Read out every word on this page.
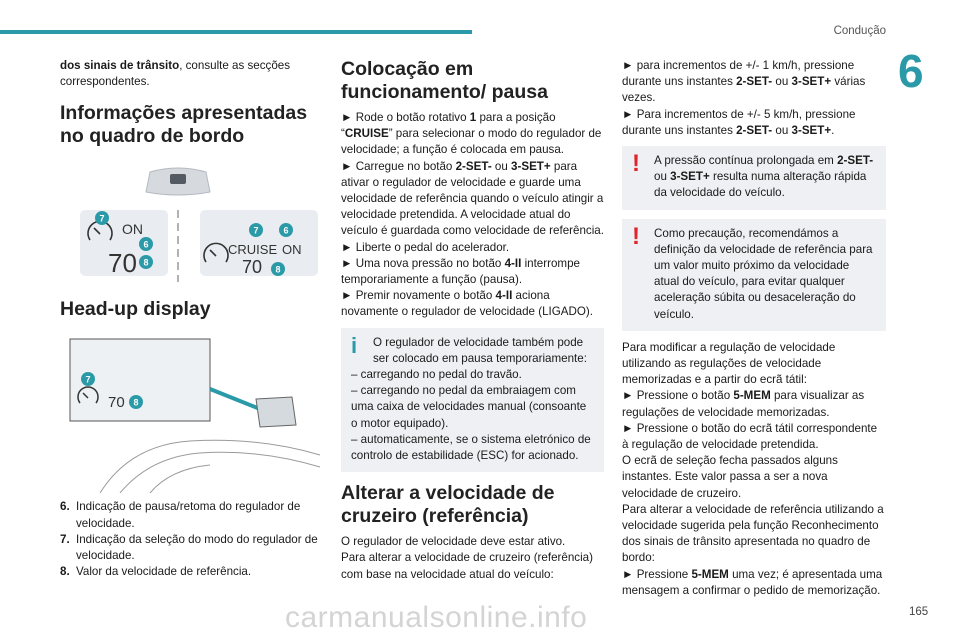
Condução
6

dos sinais de trânsito, consulte as secções correspondentes.

Informações apresentadas no quadro de bordo
ON
70	CRUISE ON
70
7
6
8
7	6
8
Head-up display
70
7
8
6. Indicação de pausa/retoma do regulador de velocidade.
7. Indicação da seleção do modo do regulador de velocidade.
8. Valor da velocidade de referência.
Colocação em funcionamento/ pausa

► Rode o botão rotativo 1 para a posição “CRUISE” para selecionar o modo do regulador de velocidade; a função é colocada em pausa.

► Carregue no botão 2-SET- ou 3-SET+ para ativar o regulador de velocidade e guarde uma velocidade de referência quando o veículo atingir a velocidade pretendida. A velocidade atual do veículo é guardada como velocidade de referência.

► Liberte o pedal do acelerador.

► Uma nova pressão no botão 4-II interrompe temporariamente a função (pausa).

► Premir novamente o botão 4-II aciona novamente o regulador de velocidade (LIGADO).

i	O regulador de velocidade também pode ser colocado em pausa temporariamente:

– carregando no pedal do travão.

– carregando no pedal da embraiagem com uma caixa de velocidades manual (consoante o motor equipado).

– automaticamente, se o sistema eletrónico de controlo de estabilidade (ESC) for acionado.

Alterar a velocidade de cruzeiro (referência)

O regulador de velocidade deve estar ativo.

Para alterar a velocidade de cruzeiro (referência) com base na velocidade atual do veículo:

► para incrementos de +/- 1 km/h, pressione durante uns instantes 2-SET- ou 3-SET+ várias vezes.

► Para incrementos de +/- 5 km/h, pressione durante uns instantes 2-SET- ou 3-SET+.

!	A pressão contínua prolongada em 2-SET- ou 3-SET+ resulta numa alteração rápida da velocidade do veículo.
!	Como precaução, recomendámos a definição da velocidade de referência para um valor muito próximo da velocidade atual do veículo, para evitar qualquer aceleração súbita ou desaceleração do veículo.

Para modificar a regulação de velocidade utilizando as regulações de velocidade memorizadas e a partir do ecrã tátil:

► Pressione o botão 5-MEM para visualizar as regulações de velocidade memorizadas.

► Pressione o botão do ecrã tátil correspondente à regulação de velocidade pretendida.

O ecrã de seleção fecha passados alguns instantes. Este valor passa a ser a nova velocidade de cruzeiro.

Para alterar a velocidade de referência utilizando a velocidade sugerida pela função Reconhecimento dos sinais de trânsito apresentada no quadro de bordo:

► Pressione 5-MEM uma vez; é apresentada uma mensagem a confirmar o pedido de memorização.

carmanualsonline.info	165
